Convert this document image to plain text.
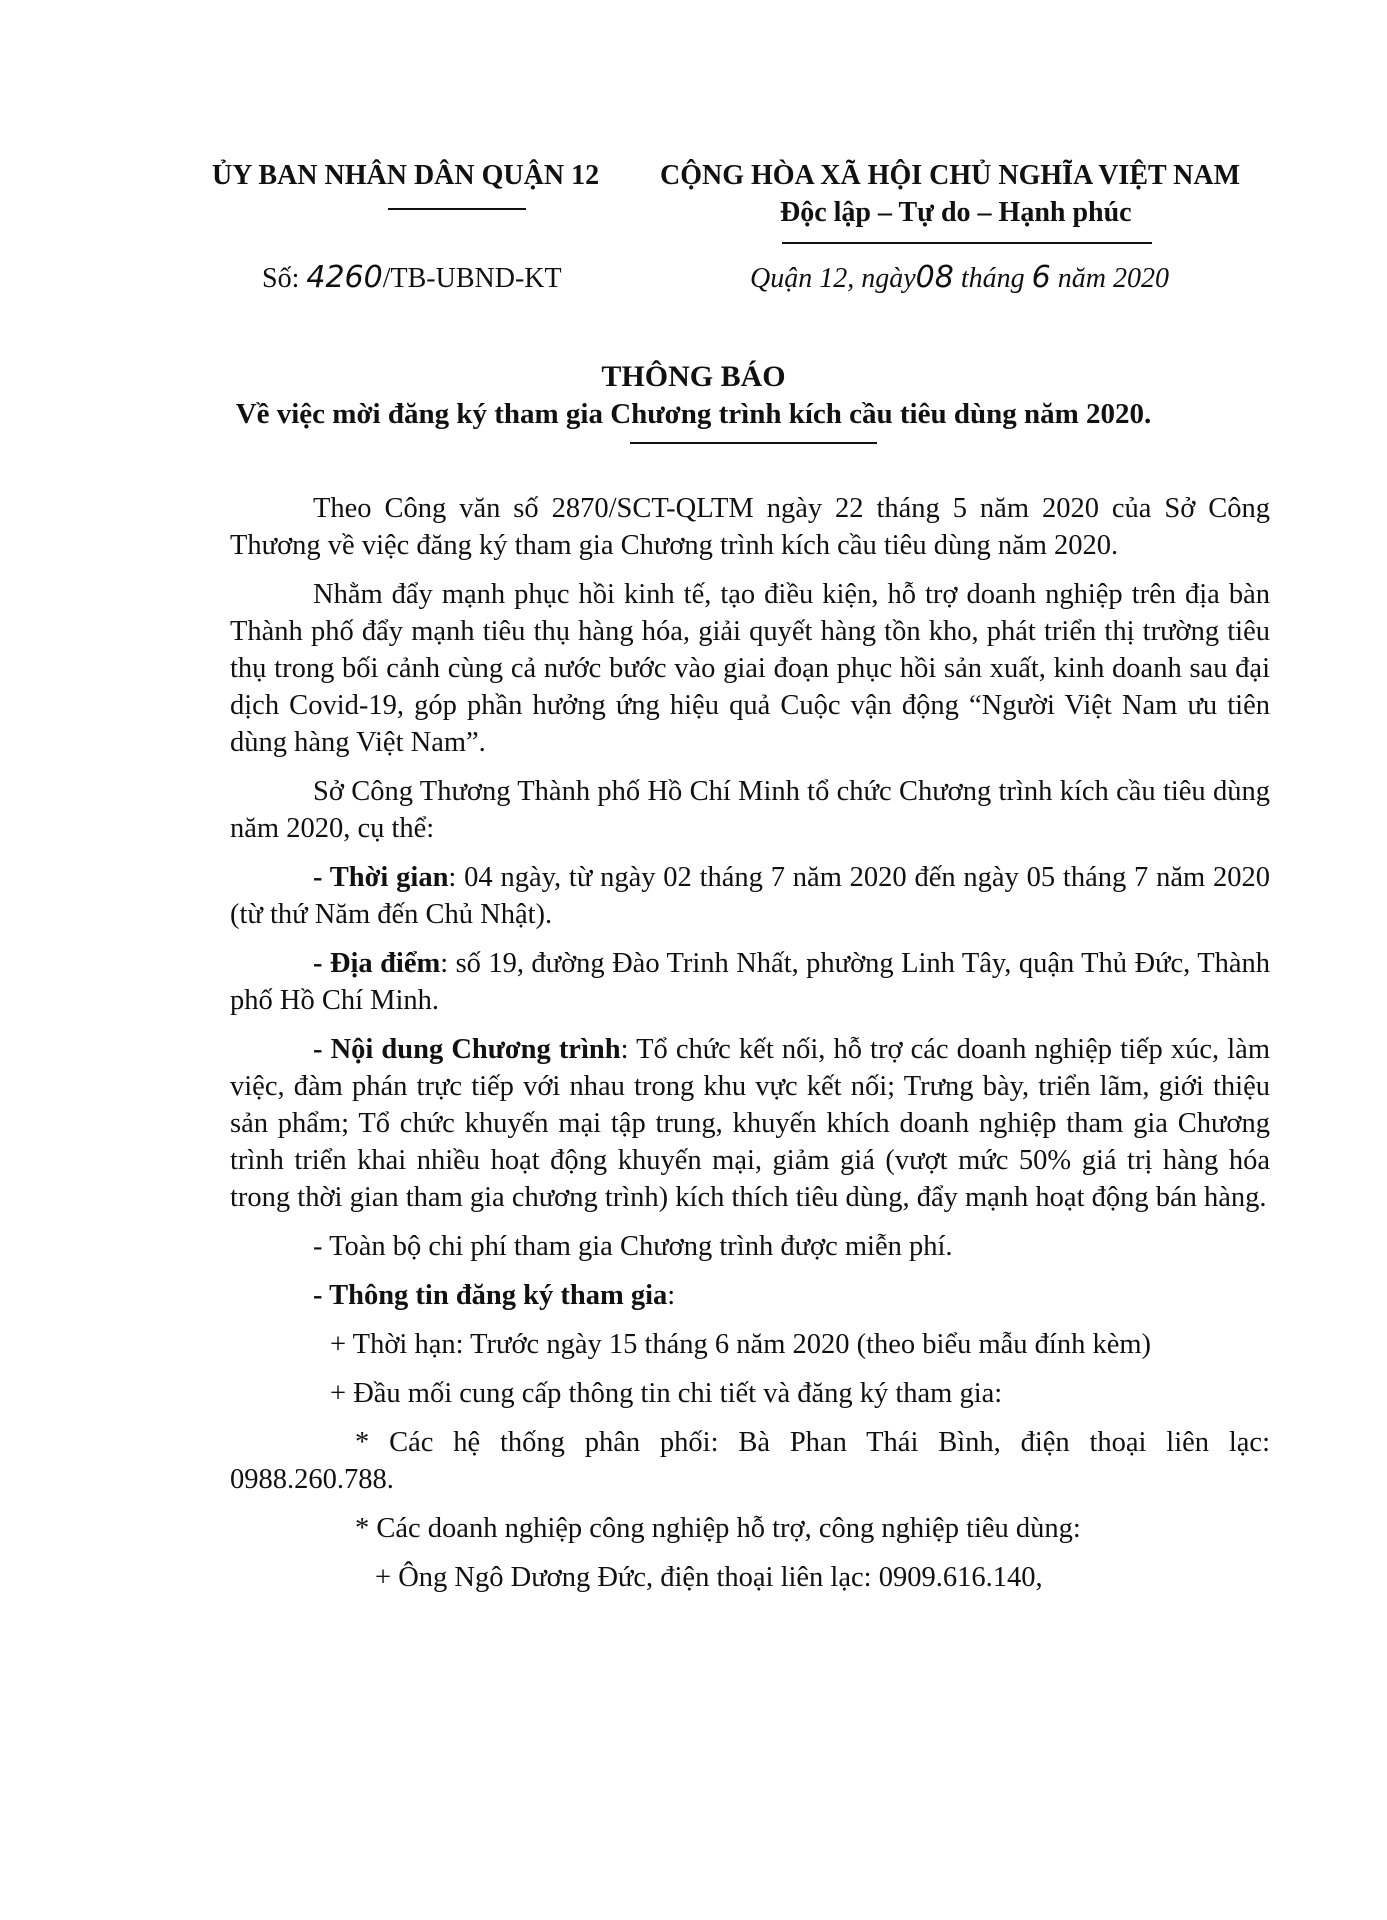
ỦY BAN NHÂN DÂN QUẬN 12 CỘNG HÒA XÃ HỘI CHỦ NGHĨA VIỆT NAM
Độc lập – Tự do – Hạnh phúc
Số: 4260/TB-UBND-KT	Quận 12, ngày08 tháng 6 năm 2020
THÔNG BÁO
Về việc mời đăng ký tham gia Chương trình kích cầu tiêu dùng năm 2020.

Theo Công văn số 2870/SCT-QLTM ngày 22 tháng 5 năm 2020 của Sở Công Thương về việc đăng ký tham gia Chương trình kích cầu tiêu dùng năm 2020.

Nhằm đẩy mạnh phục hồi kinh tế, tạo điều kiện, hỗ trợ doanh nghiệp trên địa bàn Thành phố đẩy mạnh tiêu thụ hàng hóa, giải quyết hàng tồn kho, phát triển thị trường tiêu thụ trong bối cảnh cùng cả nước bước vào giai đoạn phục hồi sản xuất, kinh doanh sau đại dịch Covid-19, góp phần hưởng ứng hiệu quả Cuộc vận động “Người Việt Nam ưu tiên dùng hàng Việt Nam”.

Sở Công Thương Thành phố Hồ Chí Minh tổ chức Chương trình kích cầu tiêu dùng năm 2020, cụ thể:

- Thời gian: 04 ngày, từ ngày 02 tháng 7 năm 2020 đến ngày 05 tháng 7 năm 2020 (từ thứ Năm đến Chủ Nhật).

- Địa điểm: số 19, đường Đào Trinh Nhất, phường Linh Tây, quận Thủ Đức, Thành phố Hồ Chí Minh.

- Nội dung Chương trình: Tổ chức kết nối, hỗ trợ các doanh nghiệp tiếp xúc, làm việc, đàm phán trực tiếp với nhau trong khu vực kết nối; Trưng bày, triển lãm, giới thiệu sản phẩm; Tổ chức khuyến mại tập trung, khuyến khích doanh nghiệp tham gia Chương trình triển khai nhiều hoạt động khuyến mại, giảm giá (vượt mức 50% giá trị hàng hóa trong thời gian tham gia chương trình) kích thích tiêu dùng, đẩy mạnh hoạt động bán hàng.

- Toàn bộ chi phí tham gia Chương trình được miễn phí.

- Thông tin đăng ký tham gia:

+ Thời hạn: Trước ngày 15 tháng 6 năm 2020 (theo biểu mẫu đính kèm)

+ Đầu mối cung cấp thông tin chi tiết và đăng ký tham gia:

* Các hệ thống phân phối: Bà Phan Thái Bình, điện thoại liên lạc: 0988.260.788.

* Các doanh nghiệp công nghiệp hỗ trợ, công nghiệp tiêu dùng:

+ Ông Ngô Dương Đức, điện thoại liên lạc: 0909.616.140,
